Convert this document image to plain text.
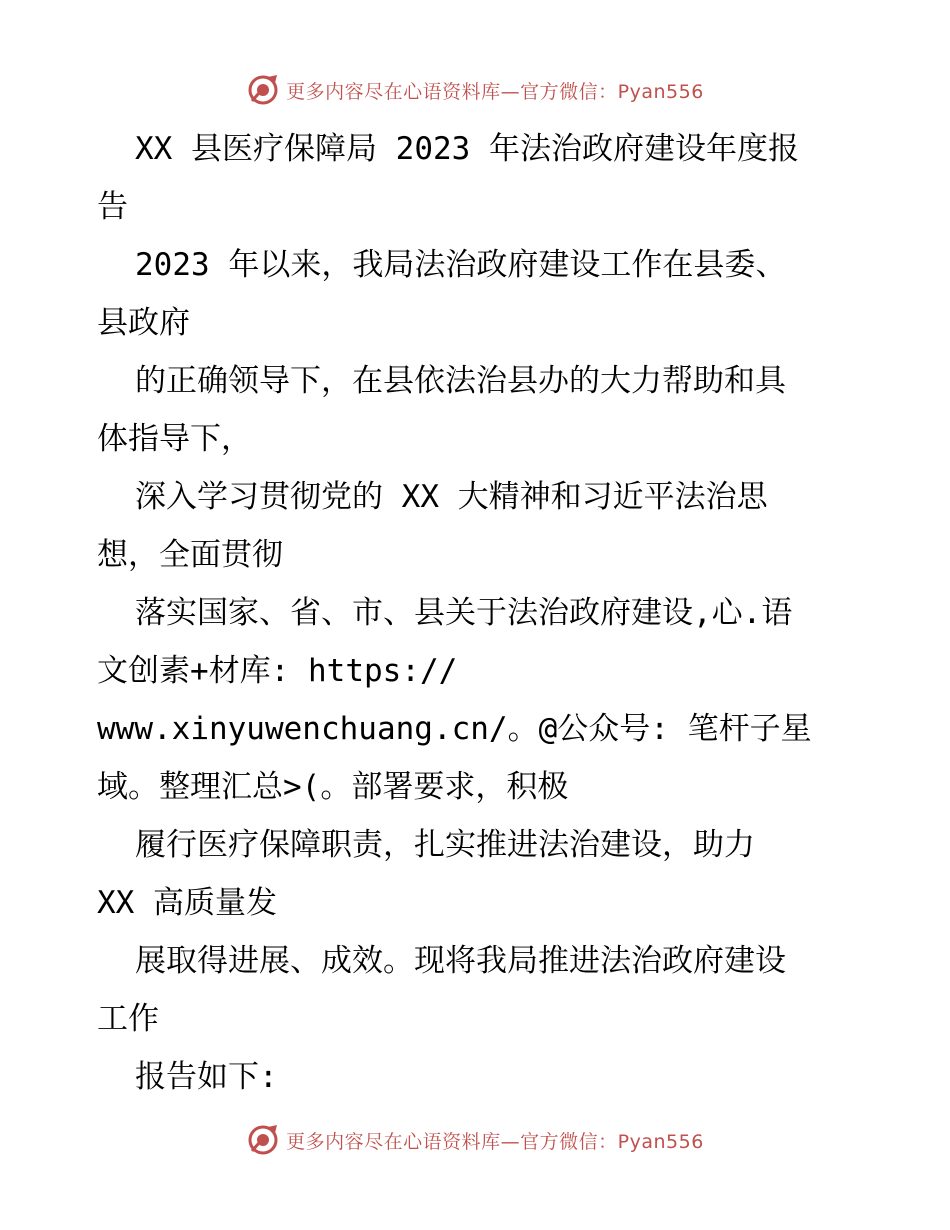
更多内容尽在心语资料库—官方微信：Pyan556
XX 县医疗保障局 2023 年法治政府建设年度报
告
2023 年以来，我局法治政府建设工作在县委、
县政府
的正确领导下，在县依法治县办的大力帮助和具
体指导下，
深入学习贯彻党的 XX 大精神和习近平法治思
想，全面贯彻
落实国家、省、市、县关于法治政府建设,心.语
文创素+材库: https://
www.xinyuwenchuang.cn/。@公众号: 笔杆子星
域。整理汇总>(。部署要求，积极
履行医疗保障职责，扎实推进法治建设，助力
XX 高质量发
展取得进展、成效。现将我局推进法治政府建设
工作
报告如下:
更多内容尽在心语资料库—官方微信：Pyan556
